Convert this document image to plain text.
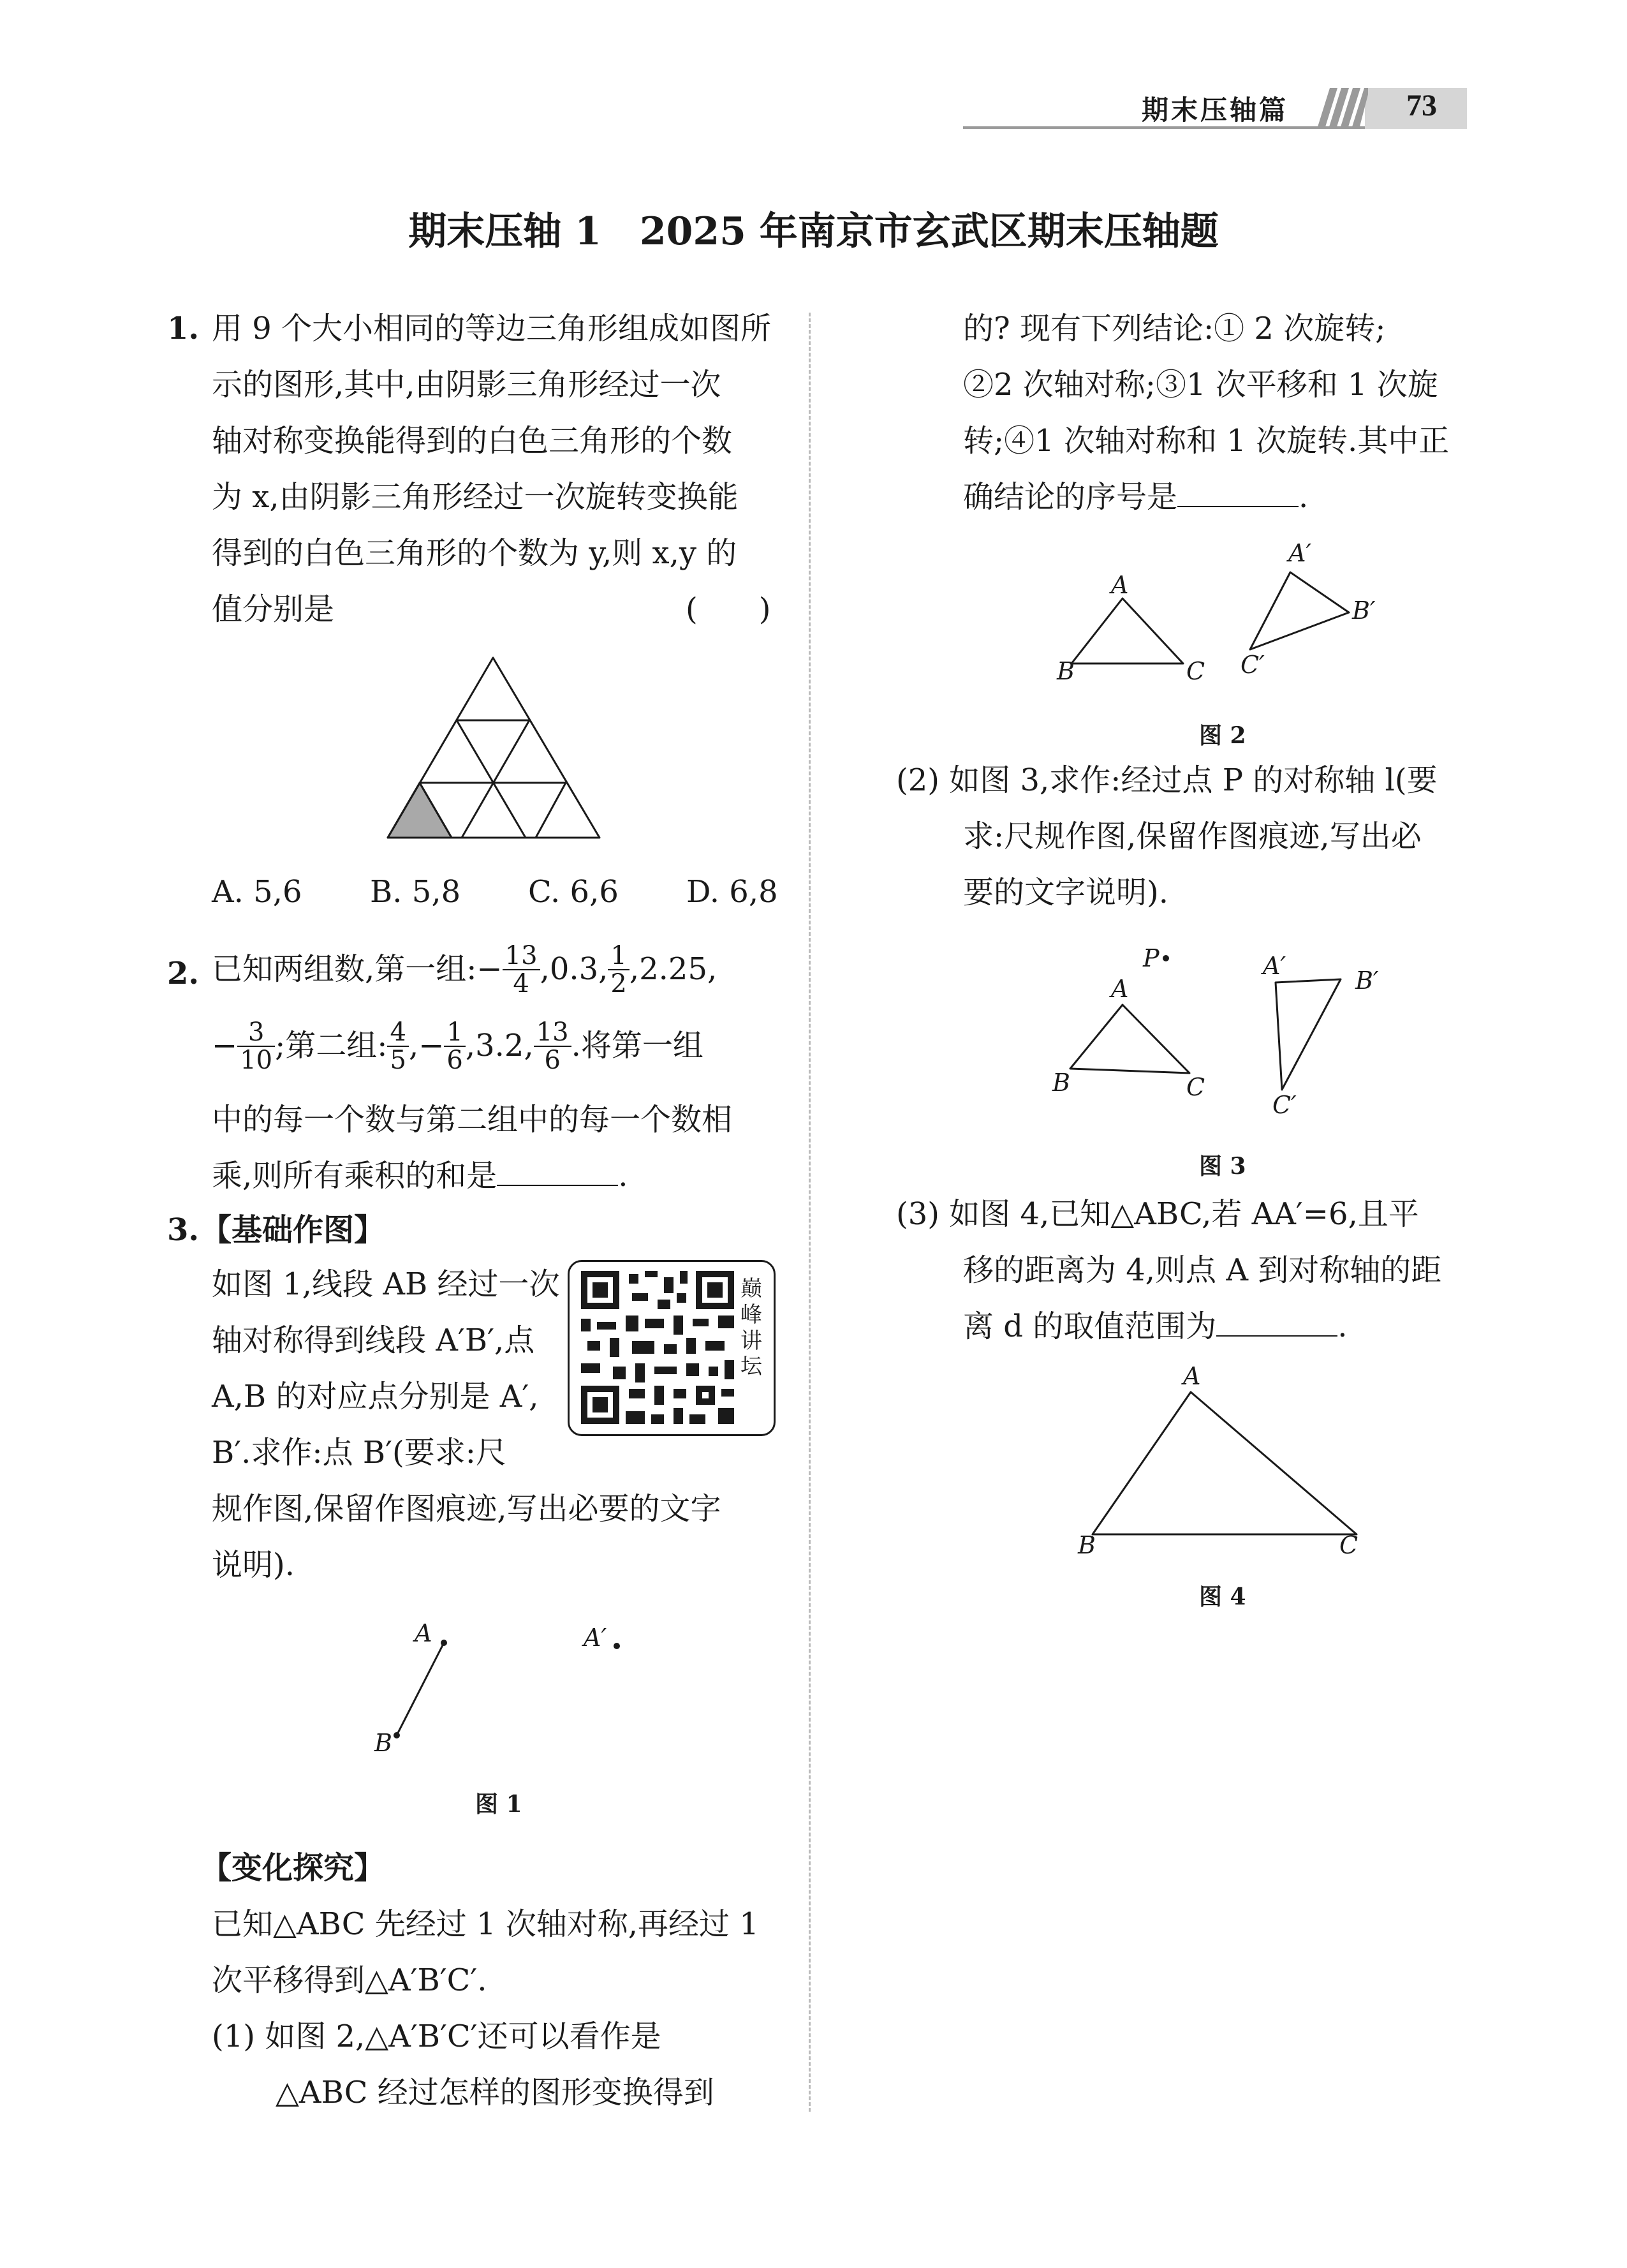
期末压轴篇	73
期末压轴 1　2025 年南京市玄武区期末压轴题
1. 用 9 个大小相同的等边三角形组成如图所
示的图形,其中,由阴影三角形经过一次
轴对称变换能得到的白色三角形的个数
为 x,由阴影三角形经过一次旋转变换能
得到的白色三角形的个数为 y,则 x,y 的
值分别是	(　　)
A. 5,6 B. 5,8 C. 6,6 D. 6,8
2. 已知两组数,第一组:− $\frac{13}{4} ,0.3$, $\frac{1}{2} ,2.25$,
− $\frac{3}{10}$ ;第二组: $\frac{4}{5}$ ,− $\frac{1}{6} ,3.2$, $\frac{13}{6}$ .将第一组
中的每一个数与第二组中的每一个数相
乘,则所有乘积的和是	.
3. 【基础作图】
如图 1,线段 AB 经过一次
轴对称得到线段 A′B′,点
A,B 的对应点分别是 A′,
B′.求作:点 B′(要求:尺
规作图,保留作图痕迹,写出必要的文字
说明).
巅
峰
讲
坛
A	A′
B
图 1
【变化探究】
已知△ABC 先经过 1 次轴对称,再经过 1
次平移得到△A′B′C′.
(1) 如图 2,△A′B′C′还可以看作是
△ABC 经过怎样的图形变换得到
的? 现有下列结论:① 2 次旋转;
②2 次轴对称;③1 次平移和 1 次旋
转;④1 次轴对称和 1 次旋转.其中正
确结论的序号是	.
A
B	C
A′
B′
C′
图 2
(2) 如图 3,求作:经过点 P 的对称轴 l(要
求:尺规作图,保留作图痕迹,写出必
要的文字说明).
P
A
B	C
A′
B′
C′
图 3
(3) 如图 4,已知△ABC,若 AA′=6,且平
移的距离为 4,则点 A 到对称轴的距
离 d 的取值范围为	.
A
B	C
图 4
